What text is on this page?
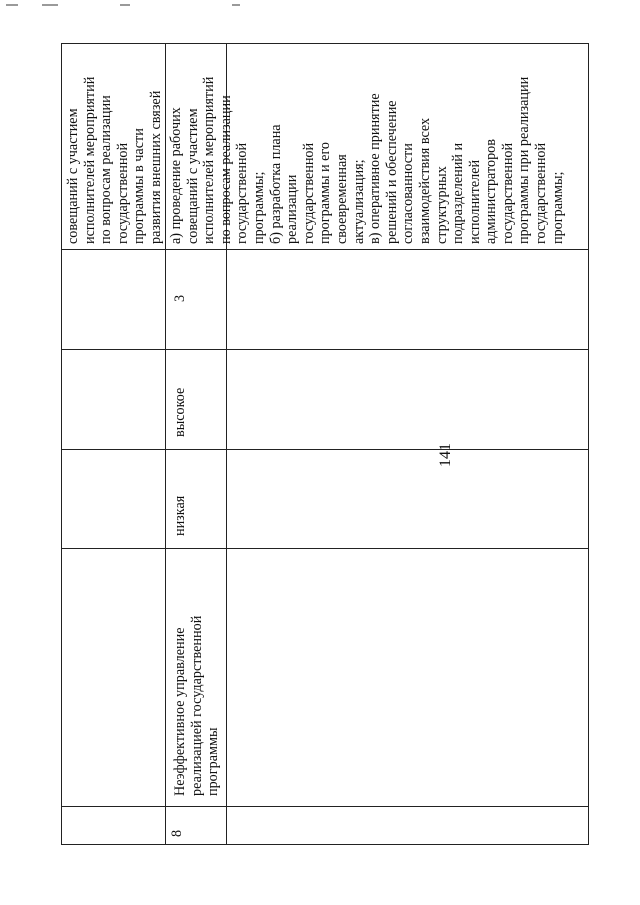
141
совещаний с участием
исполнителей мероприятий
по вопросам реализации
государственной
программы в части
развития внешних связей
8
Неэффективное управление
реализацией государственной
программы
низкая
высокое
3
а) проведение рабочих
совещаний с участием
исполнителей мероприятий
по вопросам реализации
государственной
программы;
б) разработка плана
реализации
государственной
программы и его
своевременная
актуализация;
в) оперативное принятие
решений и обеспечение
согласованности
взаимодействия всех
структурных
подразделений и
исполнителей
администраторов
государственной
программы при реализации
государственной
программы;
